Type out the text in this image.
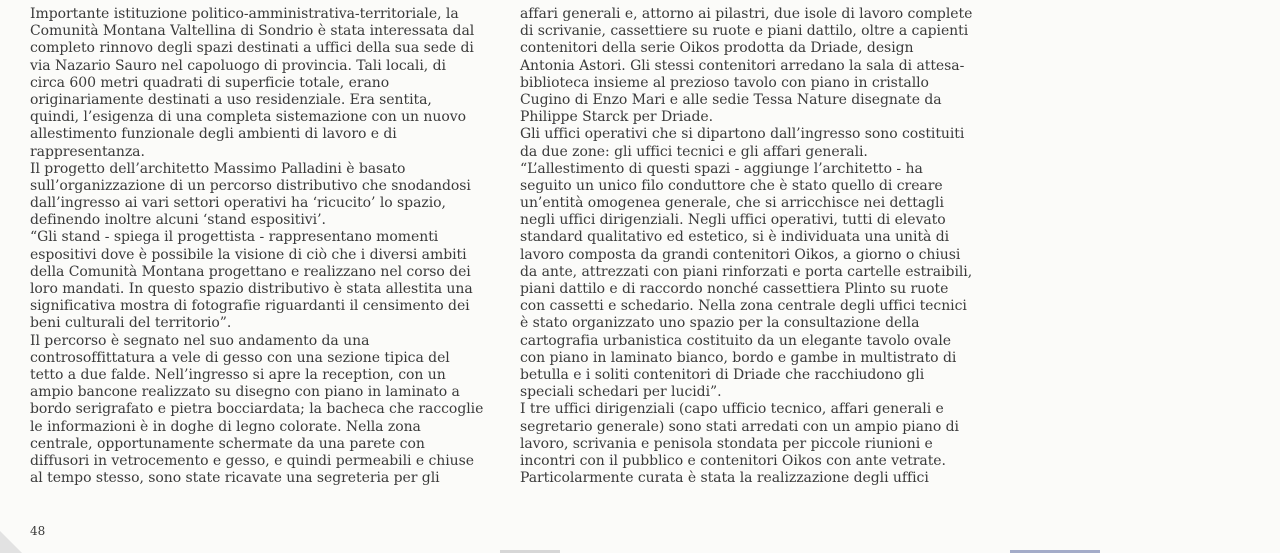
Importante istituzione politico-amministrativa-territoriale, la
Comunità Montana Valtellina di Sondrio è stata interessata dal
completo rinnovo degli spazi destinati a uffici della sua sede di
via Nazario Sauro nel capoluogo di provincia. Tali locali, di
circa 600 metri quadrati di superficie totale, erano
originariamente destinati a uso residenziale. Era sentita,
quindi, l’esigenza di una completa sistemazione con un nuovo
allestimento funzionale degli ambienti di lavoro e di
rappresentanza.
Il progetto dell’architetto Massimo Palladini è basato
sull’organizzazione di un percorso distributivo che snodandosi
dall’ingresso ai vari settori operativi ha ‘ricucito’ lo spazio,
definendo inoltre alcuni ‘stand espositivi’.
“Gli stand - spiega il progettista - rappresentano momenti
espositivi dove è possibile la visione di ciò che i diversi ambiti
della Comunità Montana progettano e realizzano nel corso dei
loro mandati. In questo spazio distributivo è stata allestita una
significativa mostra di fotografie riguardanti il censimento dei
beni culturali del territorio”.
Il percorso è segnato nel suo andamento da una
controsoffittatura a vele di gesso con una sezione tipica del
tetto a due falde. Nell’ingresso si apre la reception, con un
ampio bancone realizzato su disegno con piano in laminato a
bordo serigrafato e pietra bocciardata; la bacheca che raccoglie
le informazioni è in doghe di legno colorate. Nella zona
centrale, opportunamente schermate da una parete con
diffusori in vetrocemento e gesso, e quindi permeabili e chiuse
al tempo stesso, sono state ricavate una segreteria per gli
affari generali e, attorno ai pilastri, due isole di lavoro complete
di scrivanie, cassettiere su ruote e piani dattilo, oltre a capienti
contenitori della serie Oikos prodotta da Driade, design
Antonia Astori. Gli stessi contenitori arredano la sala di attesa-
biblioteca insieme al prezioso tavolo con piano in cristallo
Cugino di Enzo Mari e alle sedie Tessa Nature disegnate da
Philippe Starck per Driade.
Gli uffici operativi che si dipartono dall’ingresso sono costituiti
da due zone: gli uffici tecnici e gli affari generali.
“L’allestimento di questi spazi - aggiunge l’architetto - ha
seguito un unico filo conduttore che è stato quello di creare
un’entità omogenea generale, che si arricchisce nei dettagli
negli uffici dirigenziali. Negli uffici operativi, tutti di elevato
standard qualitativo ed estetico, si è individuata una unità di
lavoro composta da grandi contenitori Oikos, a giorno o chiusi
da ante, attrezzati con piani rinforzati e porta cartelle estraibili,
piani dattilo e di raccordo nonché cassettiera Plinto su ruote
con cassetti e schedario. Nella zona centrale degli uffici tecnici
è stato organizzato uno spazio per la consultazione della
cartografia urbanistica costituito da un elegante tavolo ovale
con piano in laminato bianco, bordo e gambe in multistrato di
betulla e i soliti contenitori di Driade che racchiudono gli
speciali schedari per lucidi”.
I tre uffici dirigenziali (capo ufficio tecnico, affari generali e
segretario generale) sono stati arredati con un ampio piano di
lavoro, scrivania e penisola stondata per piccole riunioni e
incontri con il pubblico e contenitori Oikos con ante vetrate.
Particolarmente curata è stata la realizzazione degli uffici
48
